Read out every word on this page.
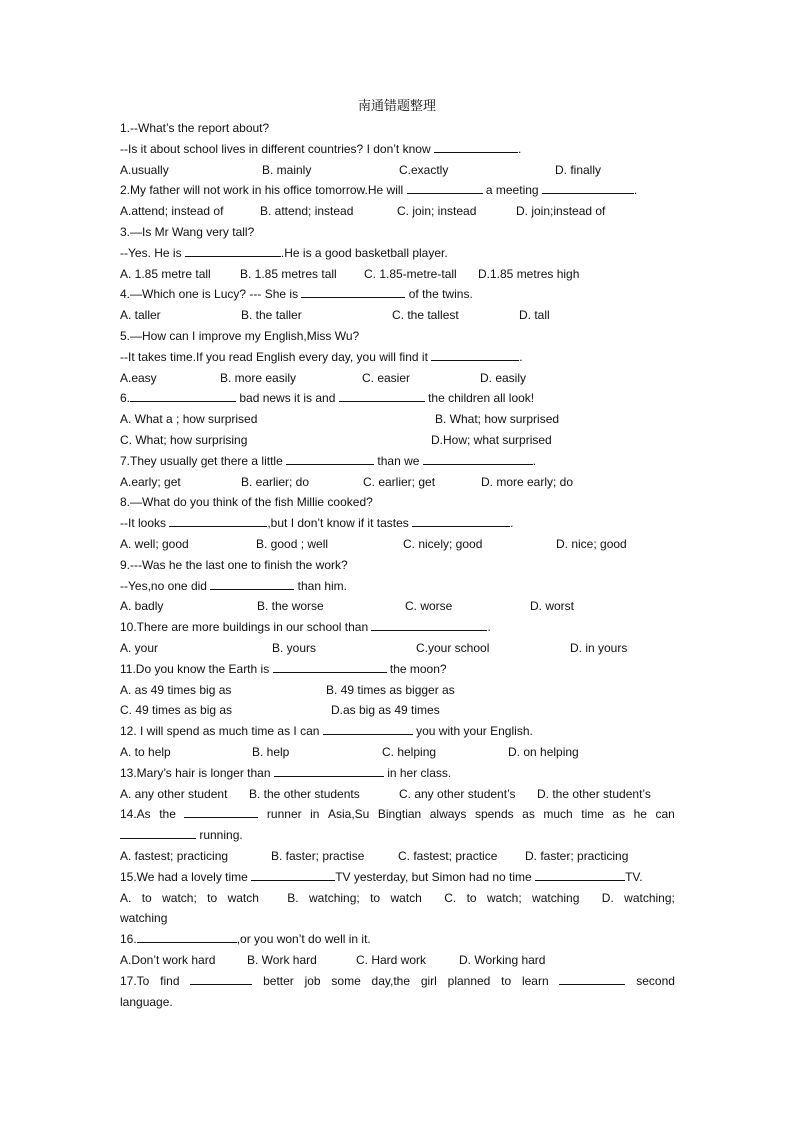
南通错题整理
1.--What’s the report about?
--Is it about school lives in different countries? I don’t know	.
A.usually	B. mainly	C.exactly	D. finally
2.My father will not work in his office tomorrow.He will	a meeting	.
A.attend; instead of	B. attend; instead	C. join; instead	D. join;instead of
3.—Is Mr Wang very tall?
--Yes. He is	.He is a good basketball player.
A. 1.85 metre tall B. 1.85 metres tall C. 1.85-metre-tall D.1.85 metres high
4.—Which one is Lucy? --- She is	of the twins.
A. taller	B. the taller	C. the tallest	D. tall
5.—How can I improve my English,Miss Wu?
--It takes time.If you read English every day, you will find it	.
A.easy	B. more easily	C. easier	D. easily
6.	bad news it is and	the children all look!
A. What a ; how surprised	B. What; how surprised
C. What; how surprising	D.How; what surprised
7.They usually get there a little	than we	.
A.early; get	B. earlier; do	C. earlier; get	D. more early; do
8.—What do you think of the fish Millie cooked?
--It looks	,but I don’t know if it tastes	.
A. well; good	B. good ; well	C. nicely; good	D. nice; good
9.---Was he the last one to finish the work?
--Yes,no one did	than him.
A. badly	B. the worse	C. worse	D. worst
10.There are more buildings in our school than	.
A. your	B. yours	C.your school	D. in yours
11.Do you know the Earth is	the moon?
A. as 49 times big as	B. 49 times as bigger as
C. 49 times as big as	D.as big as 49 times
12. I will spend as much time as I can	you with your English.
A. to help	B. help	C. helping	D. on helping
13.Mary’s hair is longer than	in her class.
A. any other student B. the other students	C. any other student’s D. the other student’s
14.As the	runner in Asia,Su Bingtian always spends as much time as he can
running.
A. fastest; practicing	B. faster; practise	C. fastest; practice D. faster; practicing
15.We had a lovely time	TV yesterday, but Simon had no time	TV.
A. to watch; to watch B. watching; to watch C. to watch; watching D. watching;
watching
16.	,or you won’t do well in it.
A.Don’t work hard	B. Work hard	C. Hard work	D. Working hard
17.To find	better job some day,the girl planned to learn	second
language.
